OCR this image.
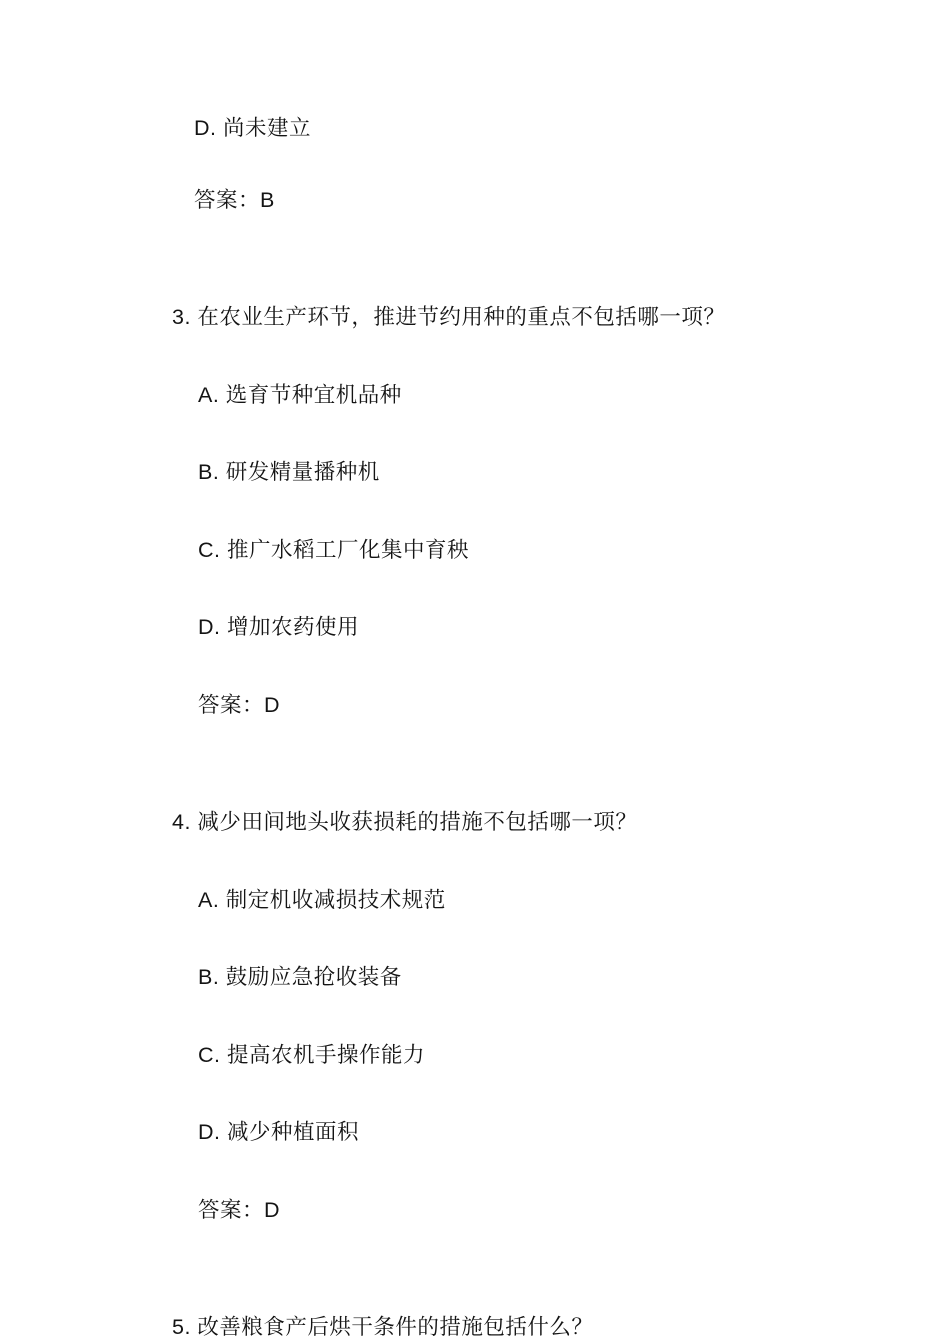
D. 尚未建立
答案：B
3. 在农业生产环节，推进节约用种的重点不包括哪一项？
A. 选育节种宜机品种
B. 研发精量播种机
C. 推广水稻工厂化集中育秧
D. 增加农药使用
答案：D
4. 减少田间地头收获损耗的措施不包括哪一项？
A. 制定机收减损技术规范
B. 鼓励应急抢收装备
C. 提高农机手操作能力
D. 减少种植面积
答案：D
5. 改善粮食产后烘干条件的措施包括什么？
